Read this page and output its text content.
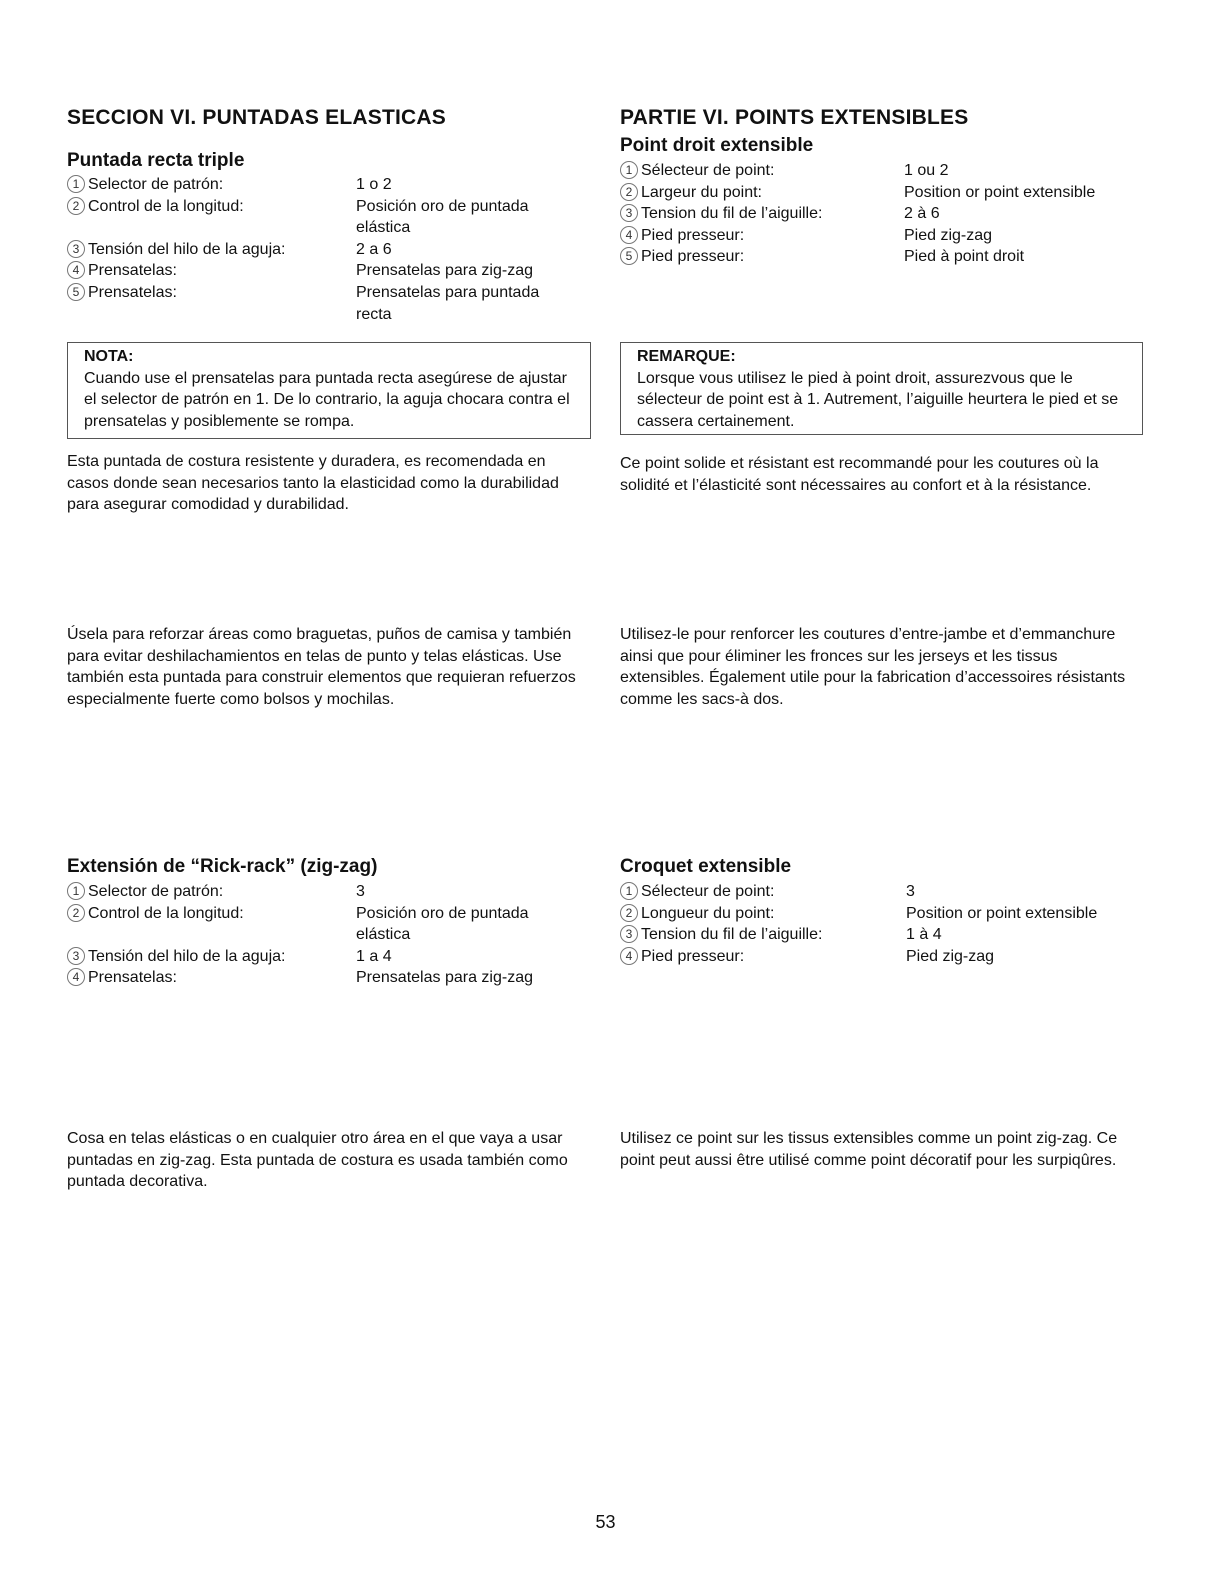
SECCION VI. PUNTADAS ELASTICAS
Puntada recta triple
1 Selector de patrón:	1 o 2
2 Control de la longitud:	Posición oro de puntada elástica
3 Tensión del hilo de la aguja:	2 a 6
4 Prensatelas:	Prensatelas para zig-zag
5 Prensatelas:	Prensatelas para puntada recta
NOTA:
Cuando use el prensatelas para puntada recta asegúrese de ajustar el selector de patrón en 1. De lo contrario, la aguja chocara contra el prensatelas y posiblemente se rompa.

Esta puntada de costura resistente y duradera, es recomendada en casos donde sean necesarios tanto la elasticidad como la durabilidad para asegurar comodidad y durabilidad.

Úsela para reforzar áreas como braguetas, puños de camisa y también para evitar deshilachamientos en telas de punto y telas elásticas. Use también esta puntada para construir elementos que requieran refuerzos especialmente fuerte como bolsos y mochilas.

Extensión de “Rick-rack” (zig-zag)
1 Selector de patrón:	3
2 Control de la longitud:	Posición oro de puntada elástica
3 Tensión del hilo de la aguja:	1 a 4
4 Prensatelas:	Prensatelas para zig-zag

Cosa en telas elásticas o en cualquier otro área en el que vaya a usar puntadas en zig-zag. Esta puntada de costura es usada también como puntada decorativa.

PARTIE VI. POINTS EXTENSIBLES
Point droit extensible
1 Sélecteur de point:	1 ou 2
2 Largeur du point:	Position or point extensible
3 Tension du fil de l’aiguille:	2 à 6
4 Pied presseur:	Pied zig-zag
5 Pied presseur:	Pied à point droit
REMARQUE:
Lorsque vous utilisez le pied à point droit, assurezvous que le sélecteur de point est à 1. Autrement, l’aiguille heurtera le pied et se cassera certainement.

Ce point solide et résistant est recommandé pour les coutures où la solidité et l’élasticité sont nécessaires au confort et à la résistance.

Utilisez-le pour renforcer les coutures d’entre-jambe et d’emmanchure ainsi que pour éliminer les fronces sur les jerseys et les tissus extensibles. Également utile pour la fabrication d’accessoires résistants comme les sacs-à dos.

Croquet extensible
1 Sélecteur de point:	3
2 Longueur du point:	Position or point extensible
3 Tension du fil de l’aiguille:	1 à 4
4 Pied presseur:	Pied zig-zag

Utilisez ce point sur les tissus extensibles comme un point zig-zag. Ce point peut aussi être utilisé comme point décoratif pour les surpiqûres.

53
